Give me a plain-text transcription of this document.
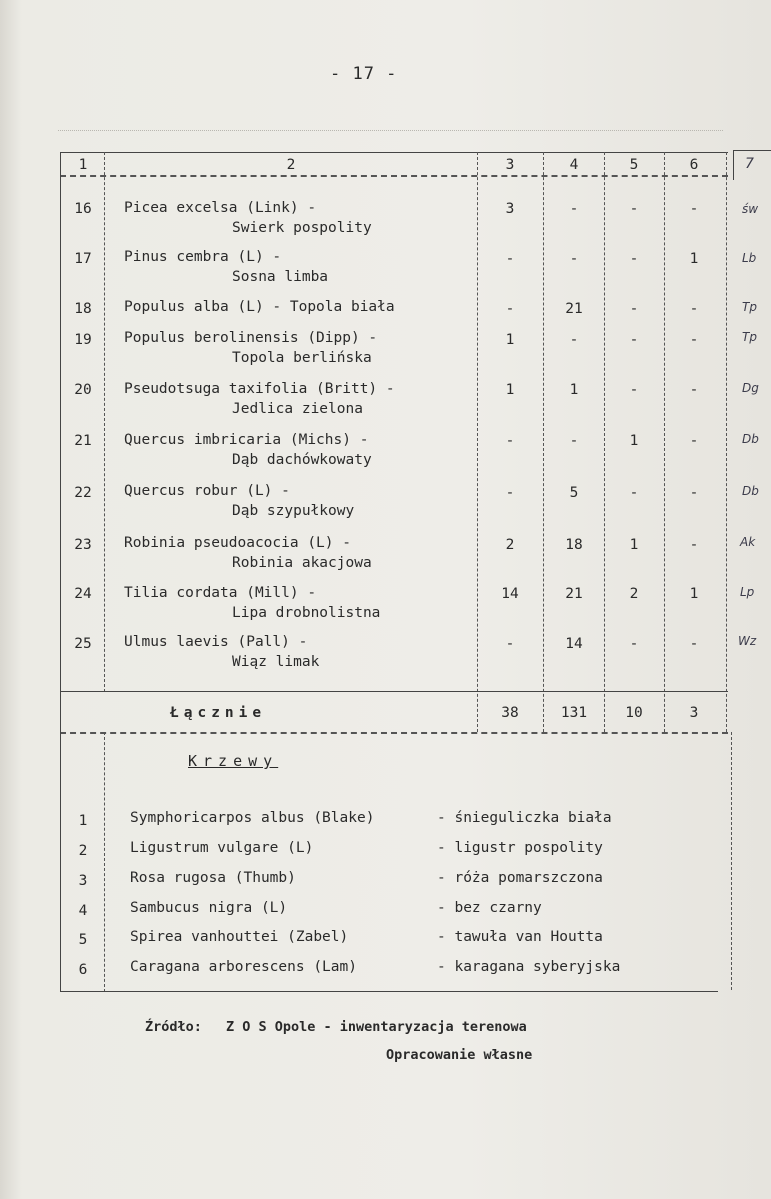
- 17 -
1	2	3	4	5	6	7
16	Picea excelsa (Link) -
Swierk pospolity
3	-	-	-	św
17	Pinus cembra (L) -
Sosna limba
-	-	-	1	Lb
18	Populus alba (L) - Topola biała	-	21	-	-	Tp
19	Populus berolinensis (Dipp) -
Topola berlińska
1	-	-	-	Tp
20	Pseudotsuga taxifolia (Britt) -
Jedlica zielona
1	1	-	-	Dg
21	Quercus imbricaria (Michs) -
Dąb dachówkowaty
-	-	1	-	Db
22	Quercus robur (L) -
Dąb szypułkowy
-	5	-	-	Db
23	Robinia pseudoacocia (L) -
Robinia akacjowa
2	18	1	-	Ak
24	Tilia cordata (Mill) -
Lipa drobnolistna
14	21	2	1	Lp
25	Ulmus laevis (Pall) -
Wiąz limak
-	14	-	-	Wz
Łącznie	38	131	10	3
Krzewy
1	Symphoricarpos albus (Blake)	- śnieguliczka biała
2	Ligustrum vulgare (L)	- ligustr pospolity
3	Rosa rugosa (Thumb)	- róża pomarszczona
4	Sambucus nigra (L)	- bez czarny
5	Spirea vanhouttei (Zabel)	- tawuła van Houtta
6	Caragana arborescens (Lam)	- karagana syberyjska
Źródło: Z O S Opole - inwentaryzacja terenowa
Opracowanie własne
